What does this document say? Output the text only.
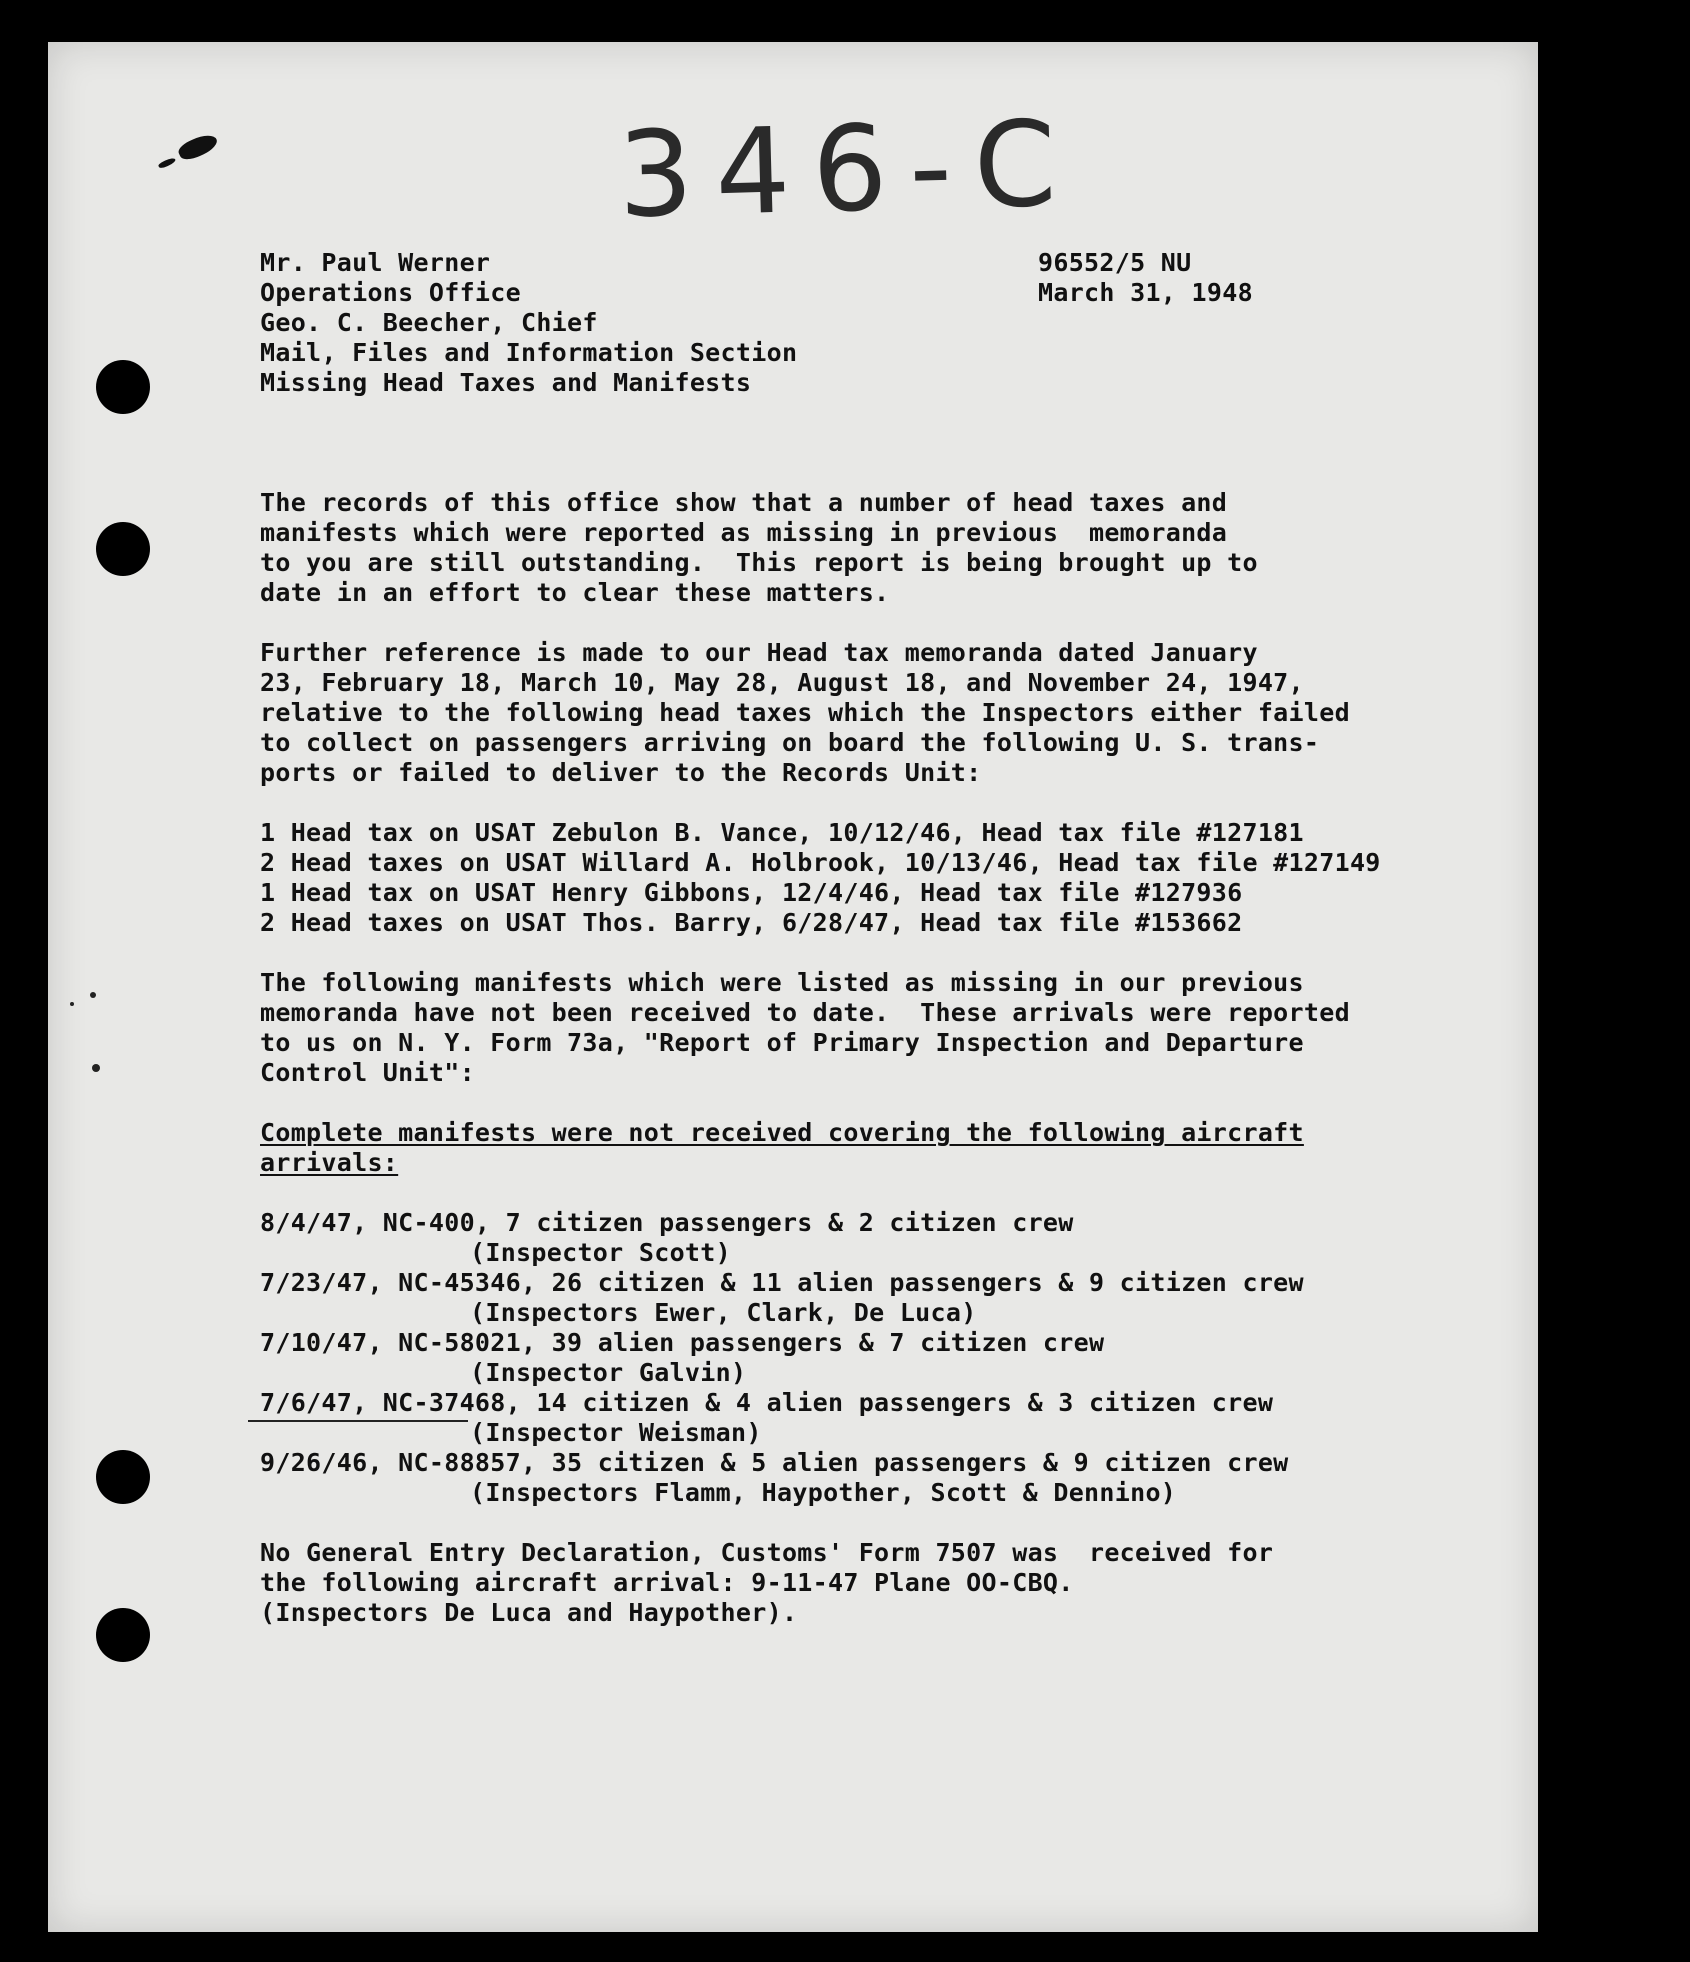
346-C
Mr. Paul Werner
Operations Office
Geo. C. Beecher, Chief
Mail, Files and Information Section
Missing Head Taxes and Manifests
96552/5 NU
March 31, 1948
The records of this office show that a number of head taxes and
manifests which were reported as missing in previous  memoranda
to you are still outstanding.  This report is being brought up to
date in an effort to clear these matters.
Further reference is made to our Head tax memoranda dated January
23, February 18, March 10, May 28, August 18, and November 24, 1947,
relative to the following head taxes which the Inspectors either failed
to collect on passengers arriving on board the following U. S. trans-
ports or failed to deliver to the Records Unit:
1 Head tax on USAT Zebulon B. Vance, 10/12/46, Head tax file #127181
2 Head taxes on USAT Willard A. Holbrook, 10/13/46, Head tax file #127149
1 Head tax on USAT Henry Gibbons, 12/4/46, Head tax file #127936
2 Head taxes on USAT Thos. Barry, 6/28/47, Head tax file #153662
The following manifests which were listed as missing in our previous
memoranda have not been received to date.  These arrivals were reported
to us on N. Y. Form 73a, "Report of Primary Inspection and Departure
Control Unit":
Complete manifests were not received covering the following aircraft
arrivals:
8/4/47, NC-400, 7 citizen passengers & 2 citizen crew
(Inspector Scott)
7/23/47, NC-45346, 26 citizen & 11 alien passengers & 9 citizen crew
(Inspectors Ewer, Clark, De Luca)
7/10/47, NC-58021, 39 alien passengers & 7 citizen crew
(Inspector Galvin)
7/6/47, NC-37468, 14 citizen & 4 alien passengers & 3 citizen crew
(Inspector Weisman)
9/26/46, NC-88857, 35 citizen & 5 alien passengers & 9 citizen crew
(Inspectors Flamm, Haypother, Scott & Dennino)
No General Entry Declaration, Customs' Form 7507 was  received for
the following aircraft arrival: 9-11-47 Plane OO-CBQ.
(Inspectors De Luca and Haypother).
